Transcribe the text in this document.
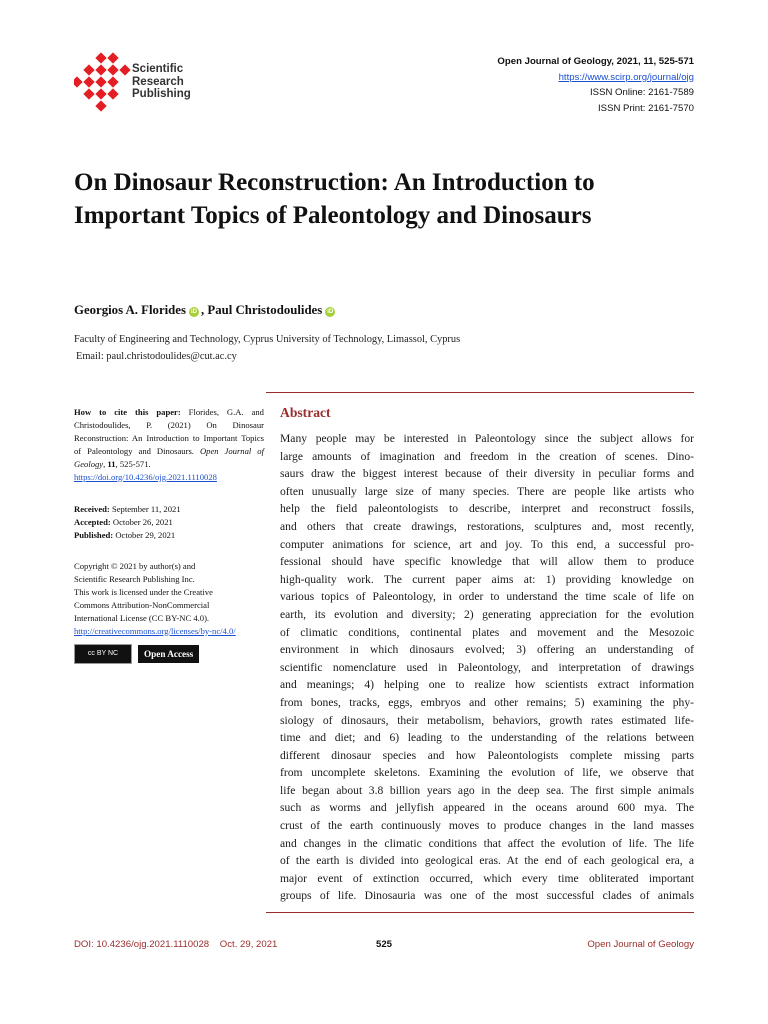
Scientific
Research
Publishing
Open Journal of Geology, 2021, 11, 525-571
https://www.scirp.org/journal/ojg
ISSN Online: 2161-7589
ISSN Print: 2161-7570
On Dinosaur Reconstruction: An Introduction to Important Topics of Paleontology and Dinosaurs
Georgios A. Florides iD , Paul Christodoulides iD
Faculty of Engineering and Technology, Cyprus University of Technology, Limassol, Cyprus
Email: paul.christodoulides@cut.ac.cy
How to cite this paper: Florides, G.A. and Christodoulides, P. (2021) On Dinosaur Reconstruction: An Introduction to Important Topics of Paleontology and Dinosaurs. Open Journal of Geology, 11, 525-571.
https://doi.org/10.4236/ojg.2021.1110028
Received: September 11, 2021
Accepted: October 26, 2021
Published: October 29, 2021
Copyright © 2021 by author(s) and
Scientific Research Publishing Inc.
This work is licensed under the Creative
Commons Attribution-NonCommercial
International License (CC BY-NC 4.0).
http://creativecommons.org/licenses/by-nc/4.0/
cc BY NC	Open Access
Abstract
Many people may be interested in Paleontology since the subject allows for
large amounts of imagination and freedom in the creation of scenes. Dino-
saurs draw the biggest interest because of their diversity in peculiar forms and
often unusually large size of many species. There are people like artists who
help the field paleontologists to describe, interpret and reconstruct fossils,
and others that create drawings, restorations, sculptures and, most recently,
computer animations for science, art and joy. To this end, a successful pro-
fessional should have specific knowledge that will allow them to produce
high-quality work. The current paper aims at: 1) providing knowledge on
various topics of Paleontology, in order to understand the time scale of life on
earth, its evolution and diversity; 2) generating appreciation for the evolution
of climatic conditions, continental plates and movement and the Mesozoic
environment in which dinosaurs evolved; 3) offering an understanding of
scientific nomenclature used in Paleontology, and interpretation of drawings
and meanings; 4) helping one to realize how scientists extract information
from bones, tracks, eggs, embryos and other remains; 5) examining the phy-
siology of dinosaurs, their metabolism, behaviors, growth rates estimated life-
time and diet; and 6) leading to the understanding of the relations between
different dinosaur species and how Paleontologists complete missing parts
from uncomplete skeletons. Examining the evolution of life, we observe that
life began about 3.8 billion years ago in the deep sea. The first simple animals
such as worms and jellyfish appeared in the oceans around 600 mya. The
crust of the earth continuously moves to produce changes in the land masses
and changes in the climatic conditions that affect the evolution of life. The life
of the earth is divided into geological eras. At the end of each geological era, a
major event of extinction occurred, which every time obliterated important
groups of life. Dinosauria was one of the most successful clades of animals
DOI: 10.4236/ojg.2021.1110028    Oct. 29, 2021	525	Open Journal of Geology
